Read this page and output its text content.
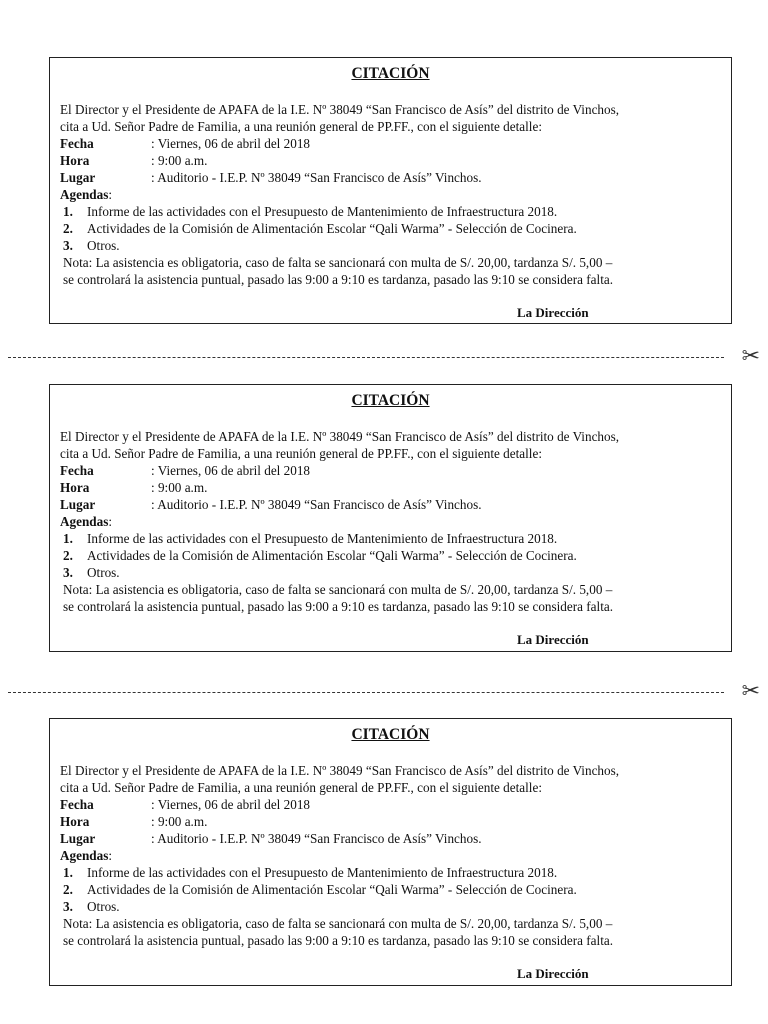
CITACIÓN
El Director y el Presidente de APAFA de la I.E. Nº 38049 “San Francisco de Asís” del distrito de Vinchos,
cita a Ud. Señor Padre de Familia, a una reunión general de PP.FF., con el siguiente detalle:
Fecha	: Viernes, 06 de abril del 2018
Hora	: 9:00 a.m.
Lugar	: Auditorio - I.E.P. Nº 38049 “San Francisco de Asís” Vinchos.
Agendas:
1.	Informe de las actividades con el Presupuesto de Mantenimiento de Infraestructura 2018.
2.	Actividades de la Comisión de Alimentación Escolar “Qali Warma” - Selección de Cocinera.
3.	Otros.
Nota: La asistencia es obligatoria, caso de falta se sancionará con multa de S/. 20,00, tardanza S/. 5,00 –
se controlará la asistencia puntual, pasado las 9:00 a 9:10 es tardanza, pasado las 9:10 se considera falta.
La Dirección
✂
CITACIÓN
El Director y el Presidente de APAFA de la I.E. Nº 38049 “San Francisco de Asís” del distrito de Vinchos,
cita a Ud. Señor Padre de Familia, a una reunión general de PP.FF., con el siguiente detalle:
Fecha	: Viernes, 06 de abril del 2018
Hora	: 9:00 a.m.
Lugar	: Auditorio - I.E.P. Nº 38049 “San Francisco de Asís” Vinchos.
Agendas:
1.	Informe de las actividades con el Presupuesto de Mantenimiento de Infraestructura 2018.
2.	Actividades de la Comisión de Alimentación Escolar “Qali Warma” - Selección de Cocinera.
3.	Otros.
Nota: La asistencia es obligatoria, caso de falta se sancionará con multa de S/. 20,00, tardanza S/. 5,00 –
se controlará la asistencia puntual, pasado las 9:00 a 9:10 es tardanza, pasado las 9:10 se considera falta.
La Dirección
✂
CITACIÓN
El Director y el Presidente de APAFA de la I.E. Nº 38049 “San Francisco de Asís” del distrito de Vinchos,
cita a Ud. Señor Padre de Familia, a una reunión general de PP.FF., con el siguiente detalle:
Fecha	: Viernes, 06 de abril del 2018
Hora	: 9:00 a.m.
Lugar	: Auditorio - I.E.P. Nº 38049 “San Francisco de Asís” Vinchos.
Agendas:
1.	Informe de las actividades con el Presupuesto de Mantenimiento de Infraestructura 2018.
2.	Actividades de la Comisión de Alimentación Escolar “Qali Warma” - Selección de Cocinera.
3.	Otros.
Nota: La asistencia es obligatoria, caso de falta se sancionará con multa de S/. 20,00, tardanza S/. 5,00 –
se controlará la asistencia puntual, pasado las 9:00 a 9:10 es tardanza, pasado las 9:10 se considera falta.
La Dirección
